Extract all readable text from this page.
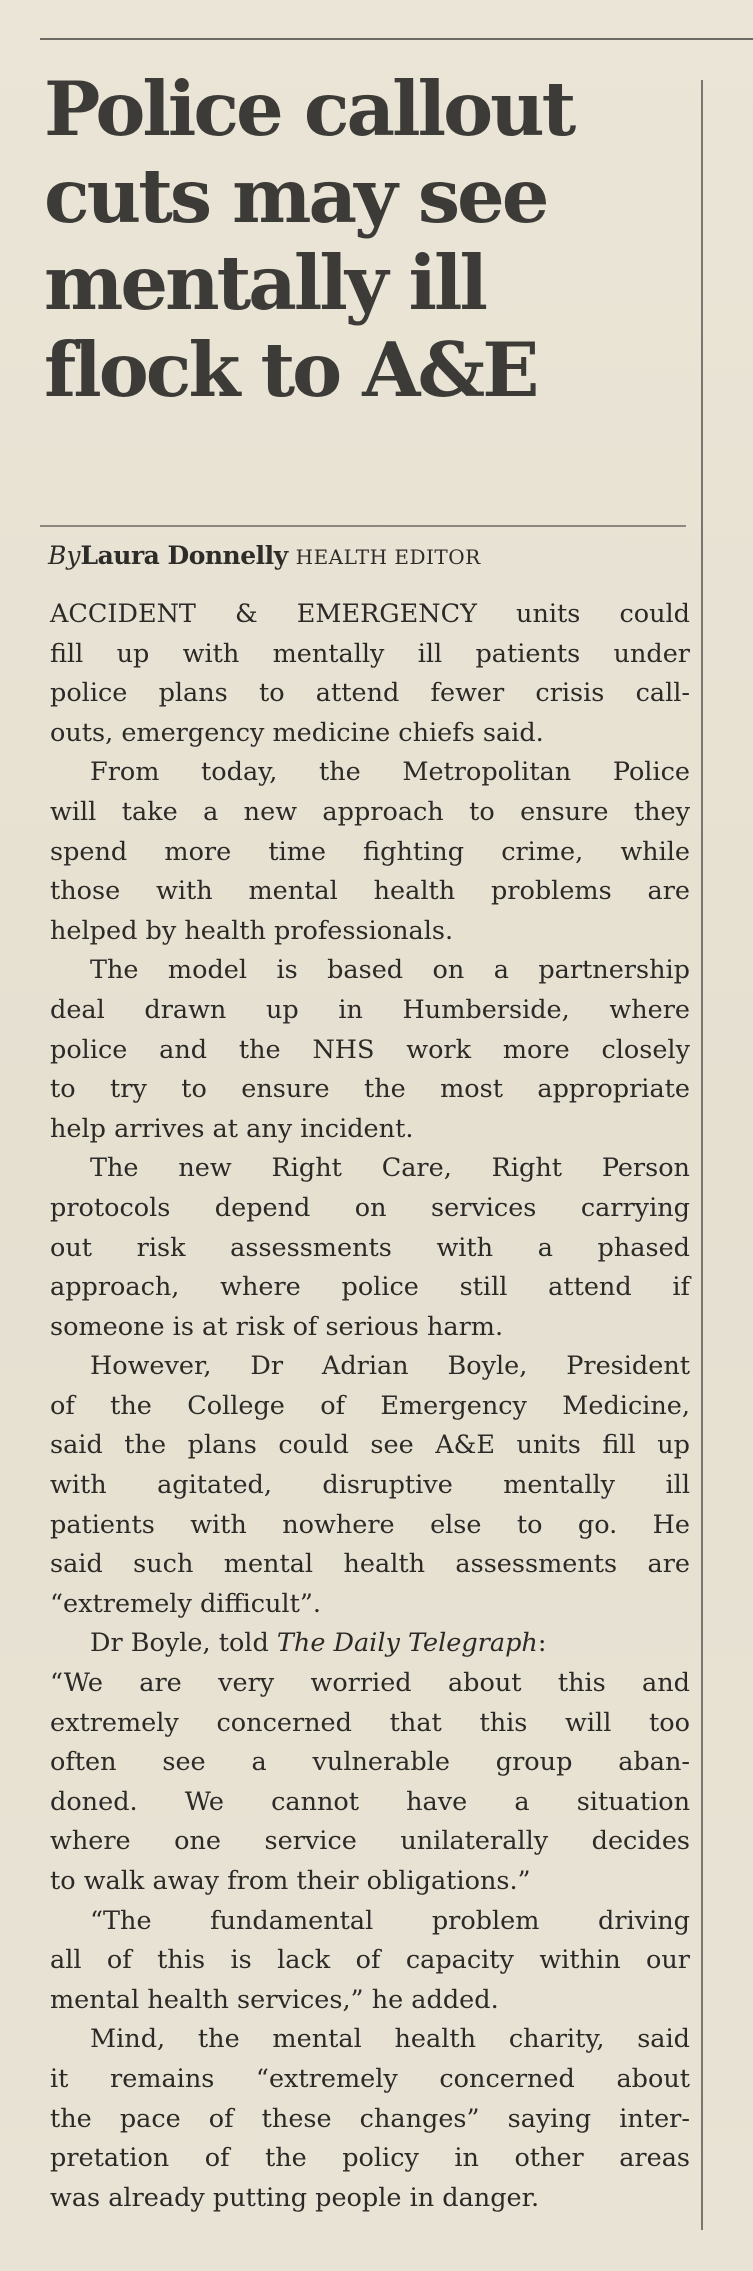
Police callout
cuts may see
mentally ill
flock to A&E
ByLaura Donnelly HEALTH EDITOR

ACCIDENT & EMERGENCY units could
fill up with mentally ill patients under
police plans to attend fewer crisis call-
outs, emergency medicine chiefs said.

From today, the Metropolitan Police
will take a new approach to ensure they
spend more time fighting crime, while
those with mental health problems are
helped by health professionals.

The model is based on a partnership
deal drawn up in Humberside, where
police and the NHS work more closely
to try to ensure the most appropriate
help arrives at any incident.

The new Right Care, Right Person
protocols depend on services carrying
out risk assessments with a phased
approach, where police still attend if
someone is at risk of serious harm.

However, Dr Adrian Boyle, President
of the College of Emergency Medicine,
said the plans could see A&E units fill up
with agitated, disruptive mentally ill
patients with nowhere else to go. He
said such mental health assessments are
“extremely difficult”.

Dr Boyle, told The Daily Telegraph:
“We are very worried about this and
extremely concerned that this will too
often see a vulnerable group aban-
doned. We cannot have a situation
where one service unilaterally decides
to walk away from their obligations.”

“The fundamental problem driving
all of this is lack of capacity within our
mental health services,” he added.

Mind, the mental health charity, said
it remains “extremely concerned about
the pace of these changes” saying inter-
pretation of the policy in other areas
was already putting people in danger.
